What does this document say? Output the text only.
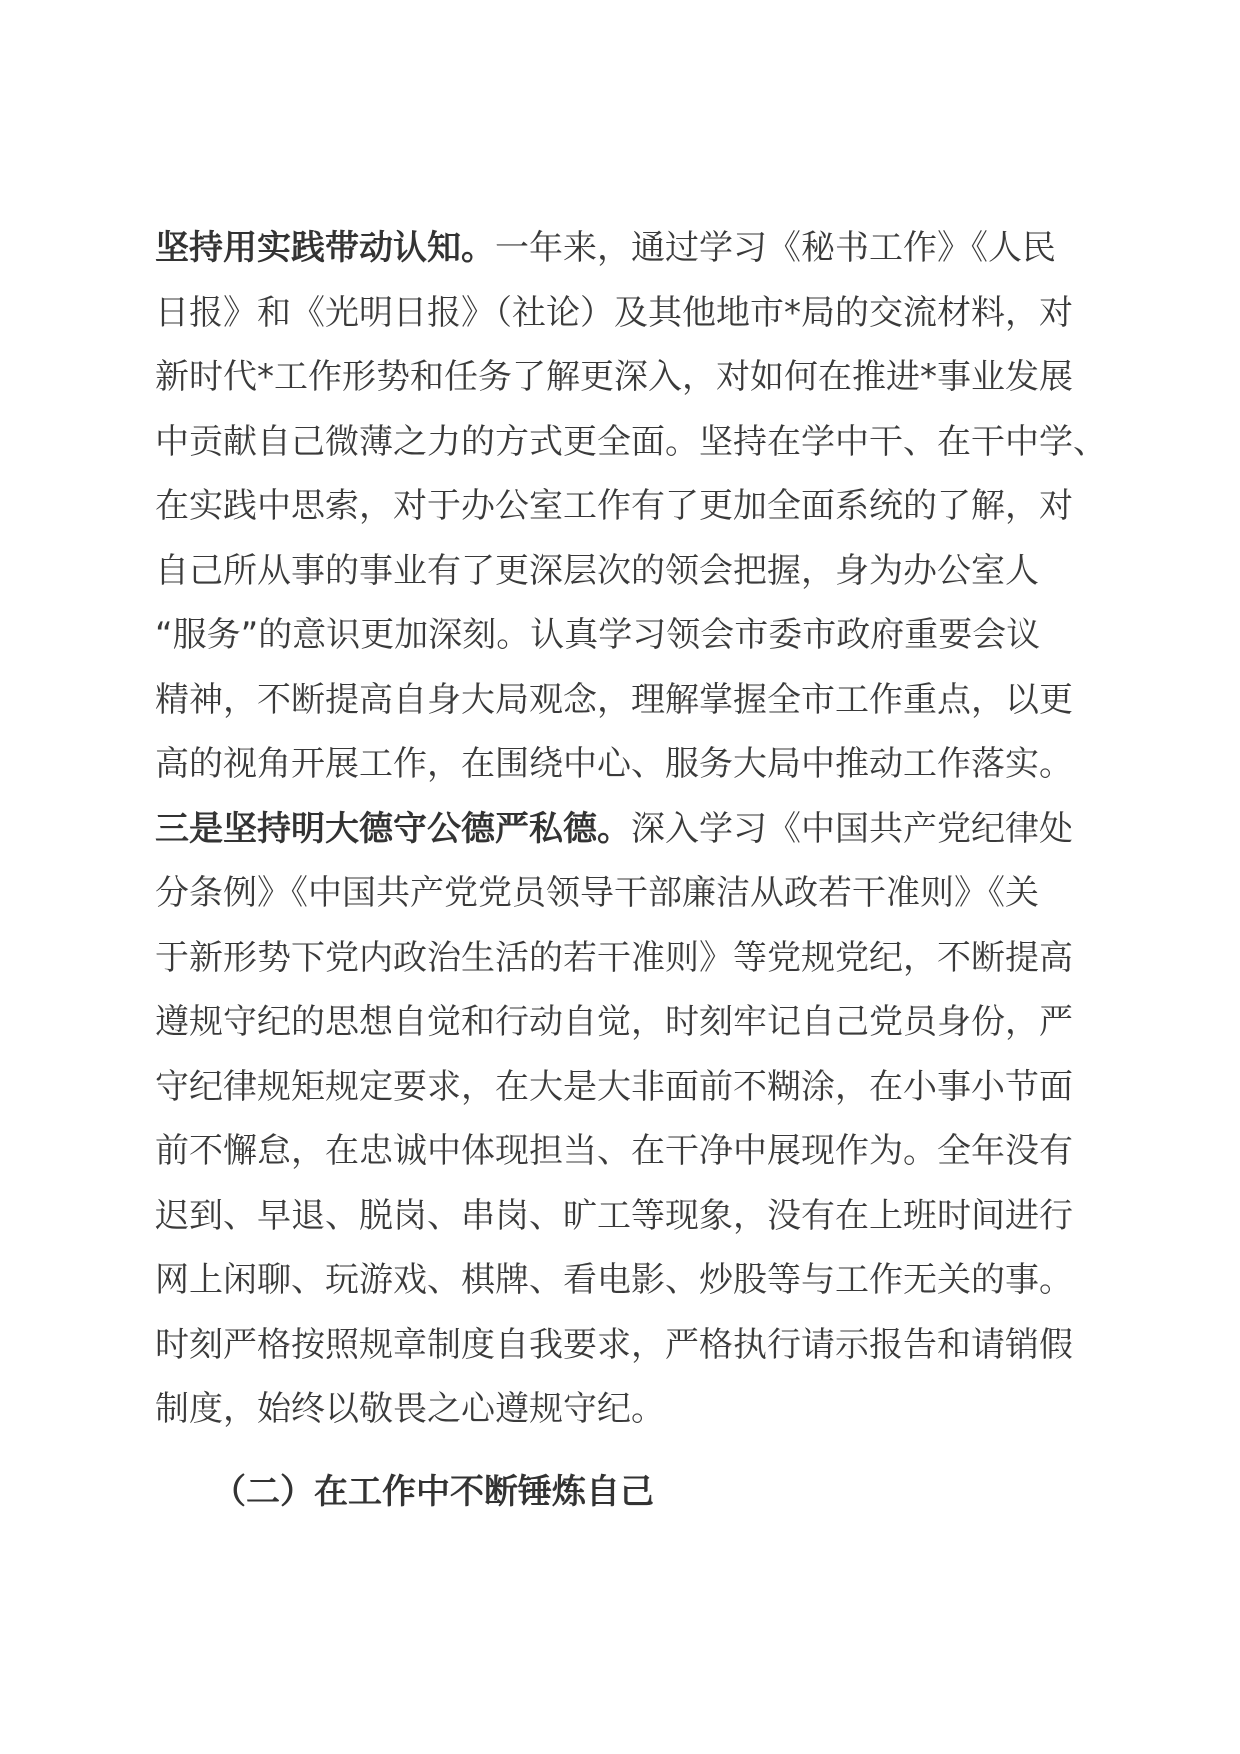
坚持用实践带动认知。一年来，通过学习《秘书工作》《人民
日报》和《光明日报》（社论）及其他地市*局的交流材料，对
新时代*工作形势和任务了解更深入，对如何在推进*事业发展
中贡献自己微薄之力的方式更全面。坚持在学中干、在干中学、
在实践中思索，对于办公室工作有了更加全面系统的了解，对
自己所从事的事业有了更深层次的领会把握，身为办公室人
“服务”的意识更加深刻。认真学习领会市委市政府重要会议
精神，不断提高自身大局观念，理解掌握全市工作重点，以更
高的视角开展工作，在围绕中心、服务大局中推动工作落实。
三是坚持明大德守公德严私德。深入学习《中国共产党纪律处
分条例》《中国共产党党员领导干部廉洁从政若干准则》《关
于新形势下党内政治生活的若干准则》等党规党纪，不断提高
遵规守纪的思想自觉和行动自觉，时刻牢记自己党员身份，严
守纪律规矩规定要求，在大是大非面前不糊涂，在小事小节面
前不懈怠，在忠诚中体现担当、在干净中展现作为。全年没有
迟到、早退、脱岗、串岗、旷工等现象，没有在上班时间进行
网上闲聊、玩游戏、棋牌、看电影、炒股等与工作无关的事。
时刻严格按照规章制度自我要求，严格执行请示报告和请销假
制度，始终以敬畏之心遵规守纪。
（二）在工作中不断锤炼自己
